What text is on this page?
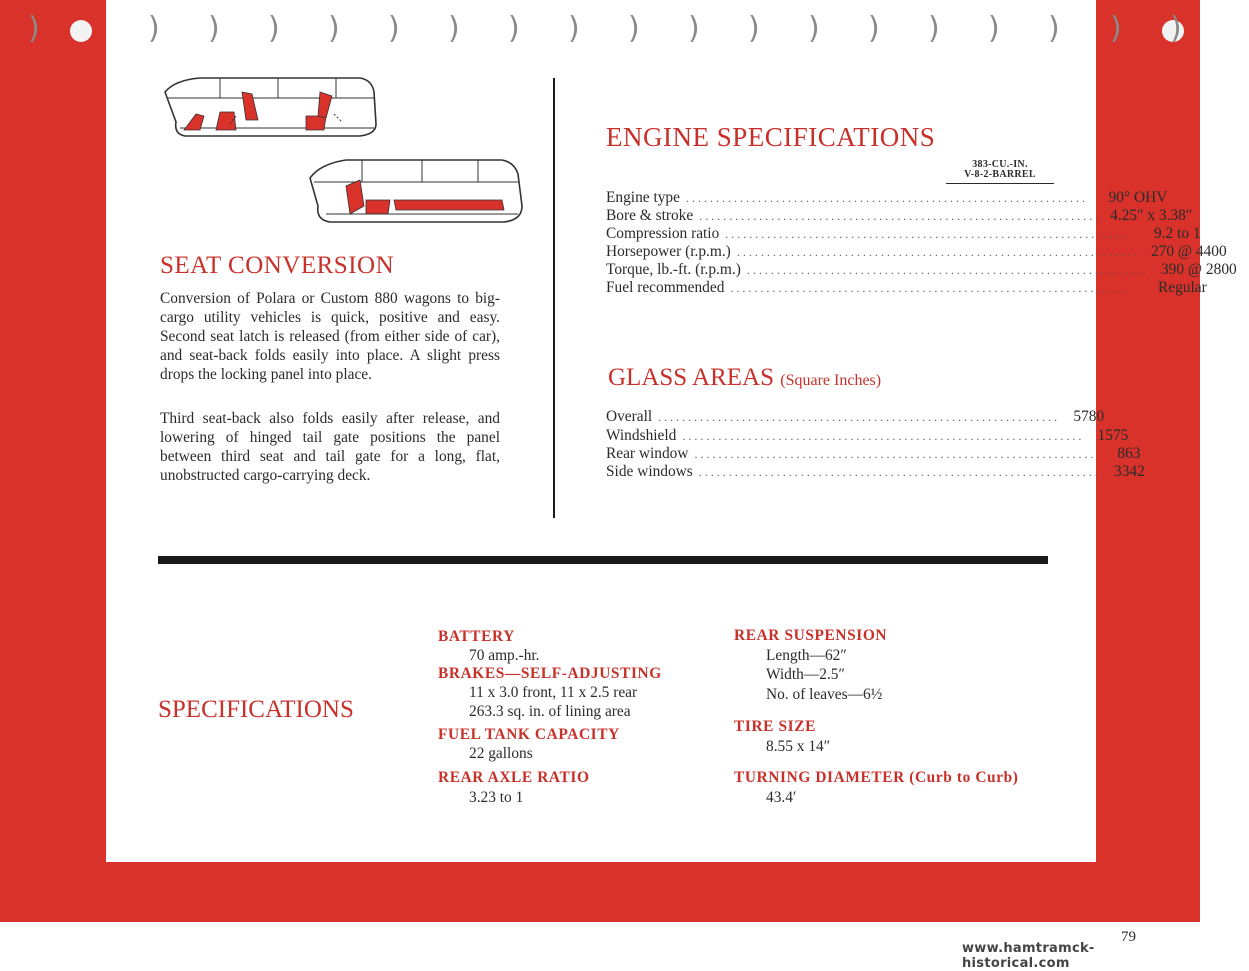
)	) ) ) ) ) ) ) ) ) ) ) ) ) ) ) ) ) )
SEAT CONVERSION
Conversion of Polara or Custom 880 wagons to big-cargo utility vehicles is quick, positive and easy. Second seat latch is released (from either side of car), and seat-back folds easily into place. A slight press drops the locking panel into place.
Third seat-back also folds easily after release, and lowering of hinged tail gate positions the panel between third seat and tail gate for a long, flat, unobstructed cargo-carrying deck.
ENGINE SPECIFICATIONS
383-CU.-IN.
V-8-2-BARREL
Engine type ...................................................................	90° OHV
Bore & stroke ................................................................... 4.25″ x 3.38″
Compression ratio ...................................................................	9.2 to 1
Horsepower (r.p.m.) ................................................................... 270 @ 4400
Torque, lb.-ft. (r.p.m.) ................................................................... 390 @ 2800
Fuel recommended ...................................................................	Regular
GLASS AREAS (Square Inches)
Overall ................................................................... 5780
Windshield ................................................................... 1575
Rear window ...................................................................	863
Side windows ................................................................... 3342
SPECIFICATIONS
BATTERY
70 amp.-hr.
BRAKES—SELF-ADJUSTING
11 x 3.0 front, 11 x 2.5 rear
263.3 sq. in. of lining area
FUEL TANK CAPACITY
22 gallons
REAR AXLE RATIO
3.23 to 1
REAR SUSPENSION
Length—62″
Width—2.5″
No. of leaves—6½
TIRE SIZE
8.55 x 14″
TURNING DIAMETER (Curb to Curb)
43.4′
79
www.hamtramck-historical.com
